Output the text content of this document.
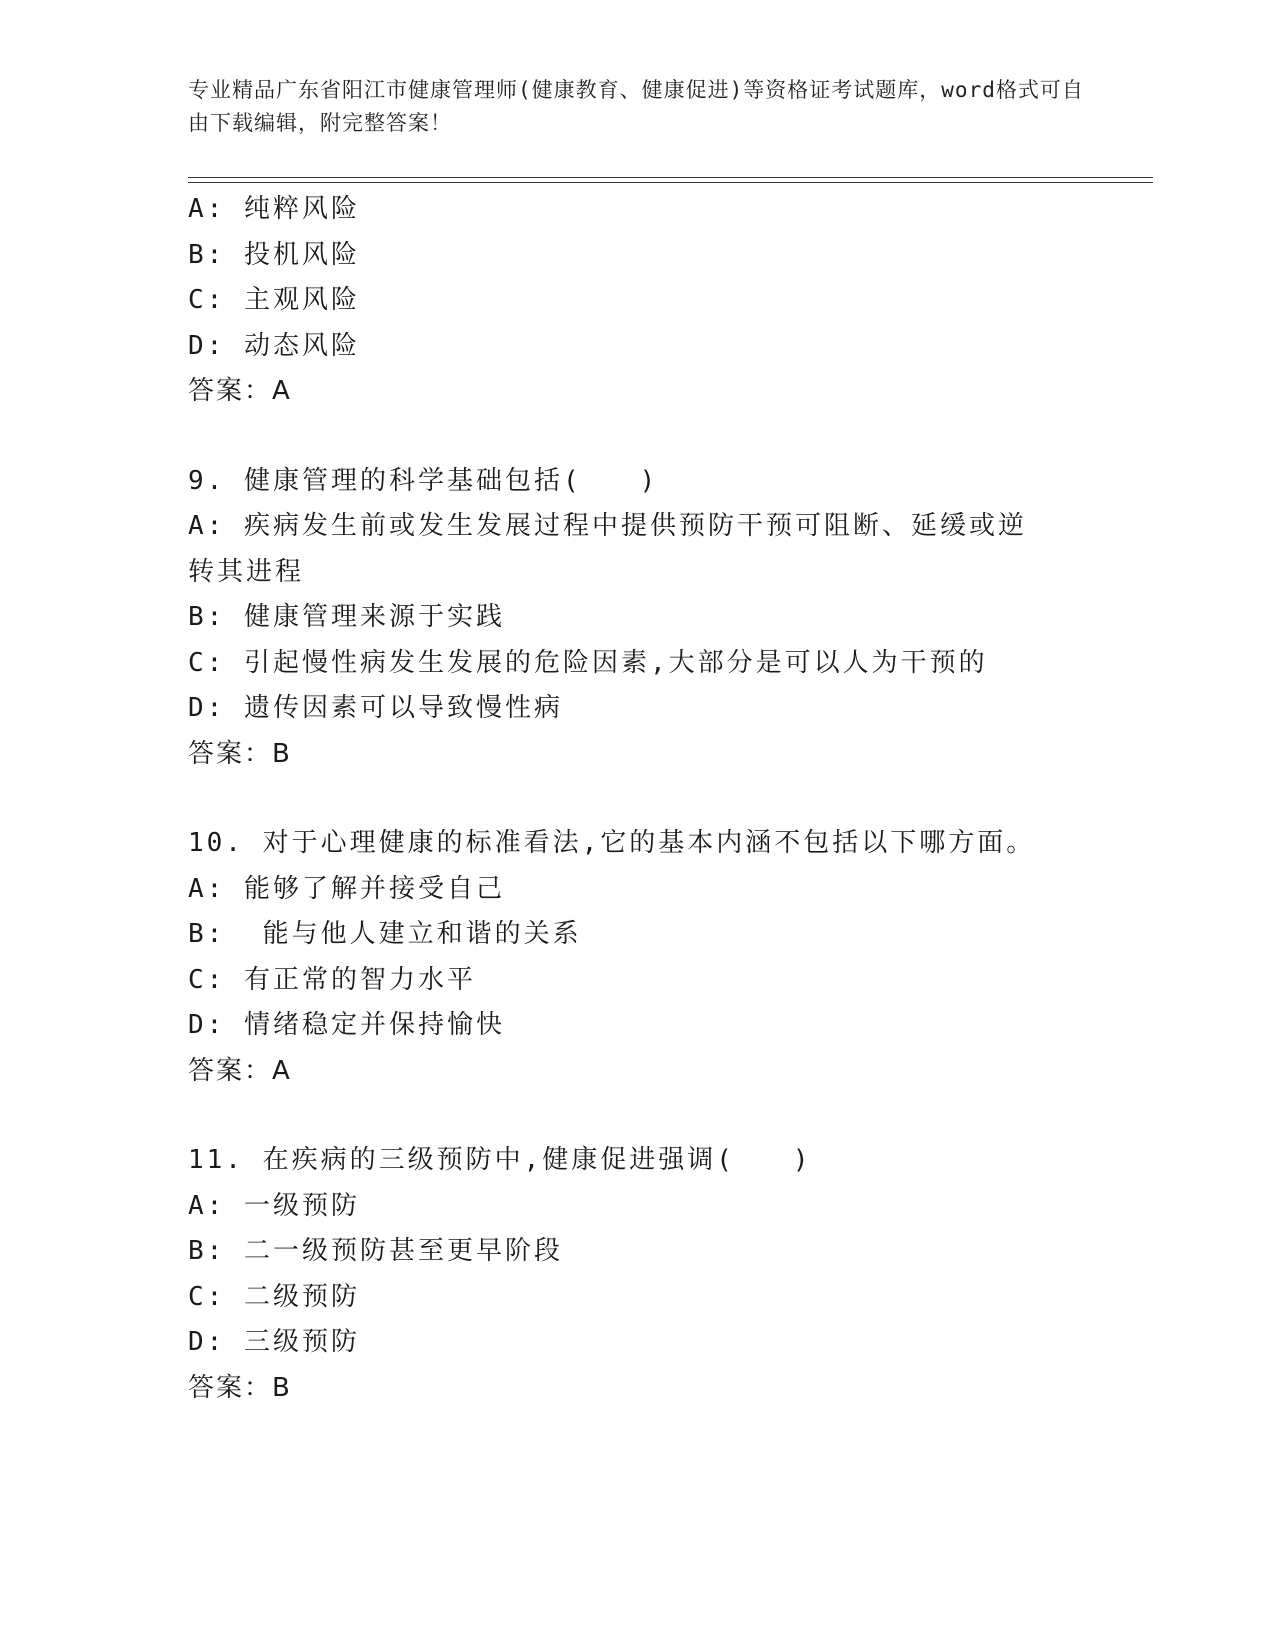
专业精品广东省阳江市健康管理师(健康教育、健康促进)等资格证考试题库，word格式可自由下载编辑，附完整答案！
A: 纯粹风险
B: 投机风险
C: 主观风险
D: 动态风险
答案：A
9. 健康管理的科学基础包括(　　)
A: 疾病发生前或发生发展过程中提供预防干预可阻断、延缓或逆转其进程
B: 健康管理来源于实践
C: 引起慢性病发生发展的危险因素,大部分是可以人为干预的
D: 遗传因素可以导致慢性病
答案：B
10. 对于心理健康的标准看法,它的基本内涵不包括以下哪方面。
A: 能够了解并接受自己
B:  能与他人建立和谐的关系
C: 有正常的智力水平
D: 情绪稳定并保持愉快
答案：A
11. 在疾病的三级预防中,健康促进强调(　　)
A: 一级预防
B: 二一级预防甚至更早阶段
C: 二级预防
D: 三级预防
答案：B
